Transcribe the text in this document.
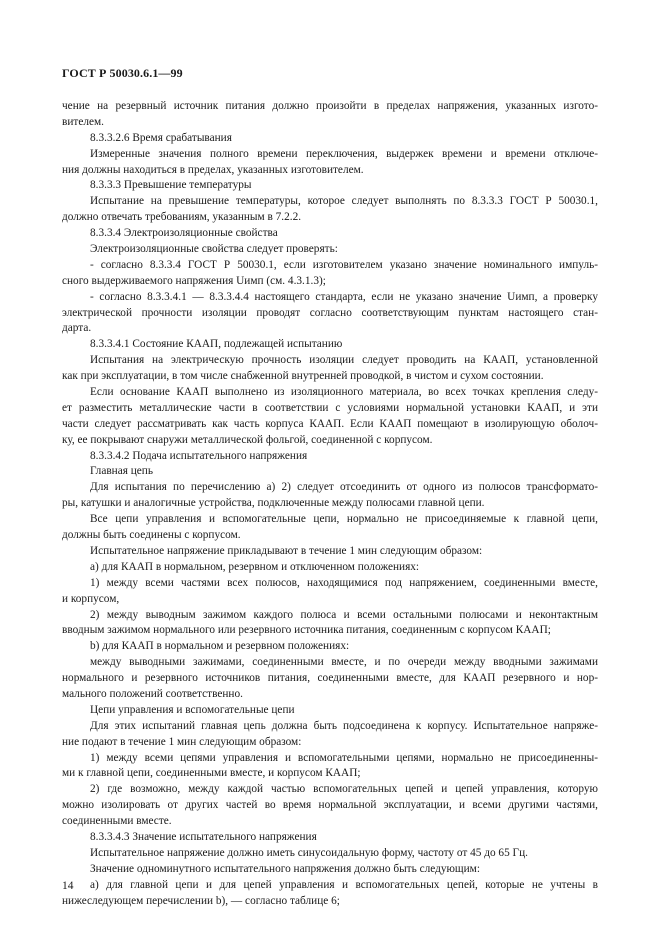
ГОСТ Р 50030.6.1—99
чение на резервный источник питания должно произойти в пределах напряжения, указанных изгото-
вителем.
8.3.3.2.6 Время срабатывания
Измеренные значения полного времени переключения, выдержек времени и времени отключе-
ния должны находиться в пределах, указанных изготовителем.
8.3.3.3 Превышение температуры
Испытание на превышение температуры, которое следует выполнять по 8.3.3.3 ГОСТ Р 50030.1,
должно отвечать требованиям, указанным в 7.2.2.
8.3.3.4 Электроизоляционные свойства
Электроизоляционные свойства следует проверять:
- согласно 8.3.3.4 ГОСТ Р 50030.1, если изготовителем указано значение номинального импуль-
сного выдерживаемого напряжения Uимп (см. 4.3.1.3);
- согласно 8.3.3.4.1 — 8.3.3.4.4 настоящего стандарта, если не указано значение Uимп, а проверку
электрической прочности изоляции проводят согласно соответствующим пунктам настоящего стан-
дарта.
8.3.3.4.1 Состояние КААП, подлежащей испытанию
Испытания на электрическую прочность изоляции следует проводить на КААП, установленной
как при эксплуатации, в том числе снабженной внутренней проводкой, в чистом и сухом состоянии.
Если основание КААП выполнено из изоляционного материала, во всех точках крепления следу-
ет разместить металлические части в соответствии с условиями нормальной установки КААП, и эти
части следует рассматривать как часть корпуса КААП. Если КААП помещают в изолирующую оболоч-
ку, ее покрывают снаружи металлической фольгой, соединенной с корпусом.
8.3.3.4.2 Подача испытательного напряжения
Главная цепь
Для испытания по перечислению а) 2) следует отсоединить от одного из полюсов трансформато-
ры, катушки и аналогичные устройства, подключенные между полюсами главной цепи.
Все цепи управления и вспомогательные цепи, нормально не присоединяемые к главной цепи,
должны быть соединены с корпусом.
Испытательное напряжение прикладывают в течение 1 мин следующим образом:
а) для КААП в нормальном, резервном и отключенном положениях:
1) между всеми частями всех полюсов, находящимися под напряжением, соединенными вместе,
и корпусом,
2) между выводным зажимом каждого полюса и всеми остальными полюсами и неконтактным
вводным зажимом нормального или резервного источника питания, соединенным с корпусом КААП;
b) для КААП в нормальном и резервном положениях:
между выводными зажимами, соединенными вместе, и по очереди между вводными зажимами
нормального и резервного источников питания, соединенными вместе, для КААП резервного и нор-
мального положений соответственно.
Цепи управления и вспомогательные цепи
Для этих испытаний главная цепь должна быть подсоединена к корпусу. Испытательное напряже-
ние подают в течение 1 мин следующим образом:
1) между всеми цепями управления и вспомогательными цепями, нормально не присоединенны-
ми к главной цепи, соединенными вместе, и корпусом КААП;
2) где возможно, между каждой частью вспомогательных цепей и цепей управления, которую
можно изолировать от других частей во время нормальной эксплуатации, и всеми другими частями,
соединенными вместе.
8.3.3.4.3 Значение испытательного напряжения
Испытательное напряжение должно иметь синусоидальную форму, частоту от 45 до 65 Гц.
Значение одноминутного испытательного напряжения должно быть следующим:
а) для главной цепи и для цепей управления и вспомогательных цепей, которые не учтены в
нижеследующем перечислении b), — согласно таблице 6;
14
